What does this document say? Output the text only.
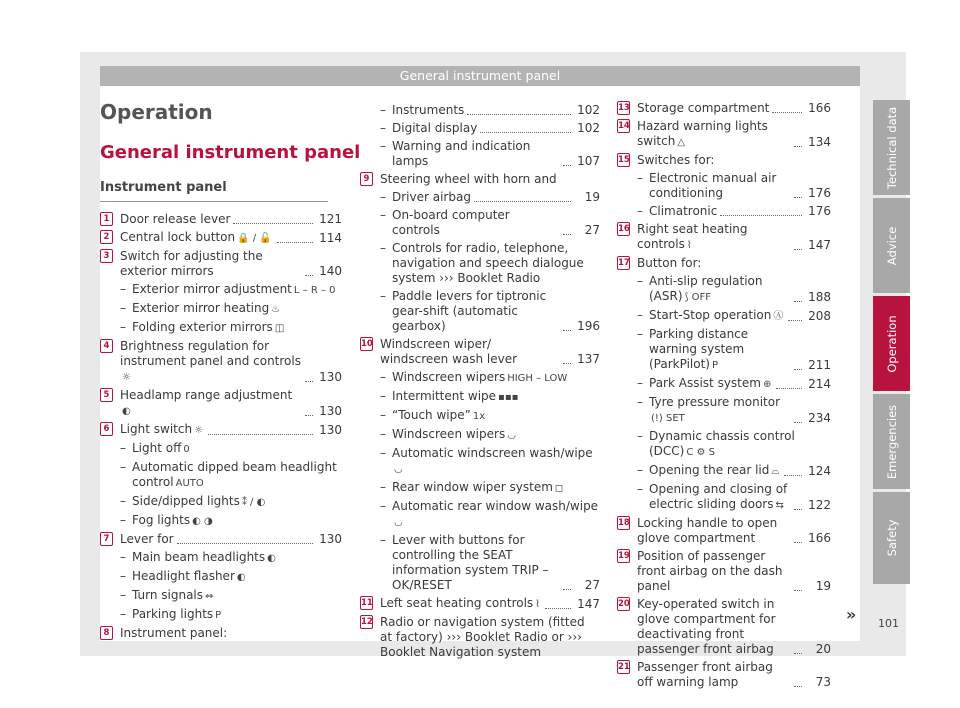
General instrument panel
Operation
General instrument panel
Instrument panel
1 Door release lever	121
2 Central lock button 🔒 / 🔓	114
3 Switch for adjusting the exterior mirrors	140
– Exterior mirror adjustment L – R – 0
– Exterior mirror heating ♨
– Folding exterior mirrors ◫
4 Brightness regulation for instrument panel and controls☼	130
5 Headlamp range adjustment◐	130
6 Light switch ☼	130
– Light off 0
– Automatic dipped beam headlight control AUTO
– Side/dipped lights ⁑ / ◐
– Fog lights ◐ ◑
7 Lever for	130
– Main beam headlights ◐
– Headlight flasher ◐
– Turn signals ⇔
– Parking lights P
8 Instrument panel:
– Instruments	102
– Digital display	102
– Warning and indication lamps	107
9 Steering wheel with horn and
– Driver airbag	19
– On-board computer controls	27
– Controls for radio, telephone, navigation and speech dialogue system ››› Booklet Radio
– Paddle levers for tiptronic gear-shift (automatic gearbox)	196
10 Windscreen wiper/ windscreen wash lever	137
– Windscreen wipers HIGH – LOW
– Intermittent wipe ▪▪▪
– “Touch wipe” 1x
– Windscreen wipers ◡
– Automatic windscreen wash/wipe◡
– Rear window wiper system ◻
– Automatic rear window wash/wipe◡
– Lever with buttons for controlling the SEAT information system TRIP – OK/RESET	27
11 Left seat heating controls ⌇	147
12 Radio or navigation system (fitted at factory) ››› Booklet Radio or ››› Booklet Navigation system
13 Storage compartment	166
14 Hazard warning lights switch △	134
15 Switches for:
– Electronic manual air conditioning	176
– Climatronic	176
16 Right seat heating controls ⌇	147
17 Button for:
– Anti-slip regulation (ASR) ⟆ OFF	188
– Start-Stop operation Ⓐ 208
– Parking distance warning system (ParkPilot) P	211
– Park Assist system ⊕	214
– Tyre pressure monitor(!) SET	234
– Dynamic chassis control (DCC) C ⚙ S
– Opening the rear lid ⌓ 124
– Opening and closing of electric sliding doors ⇆	122
18 Locking handle to open glove compartment	166
19 Position of passenger front airbag on the dash panel	19
20 Key-operated switch in glove compartment for deactivating front passenger front airbag	20
21 Passenger front airbag off warning lamp	73
Technical data
Advice
Operation
Emergencies
Safety
» 101
